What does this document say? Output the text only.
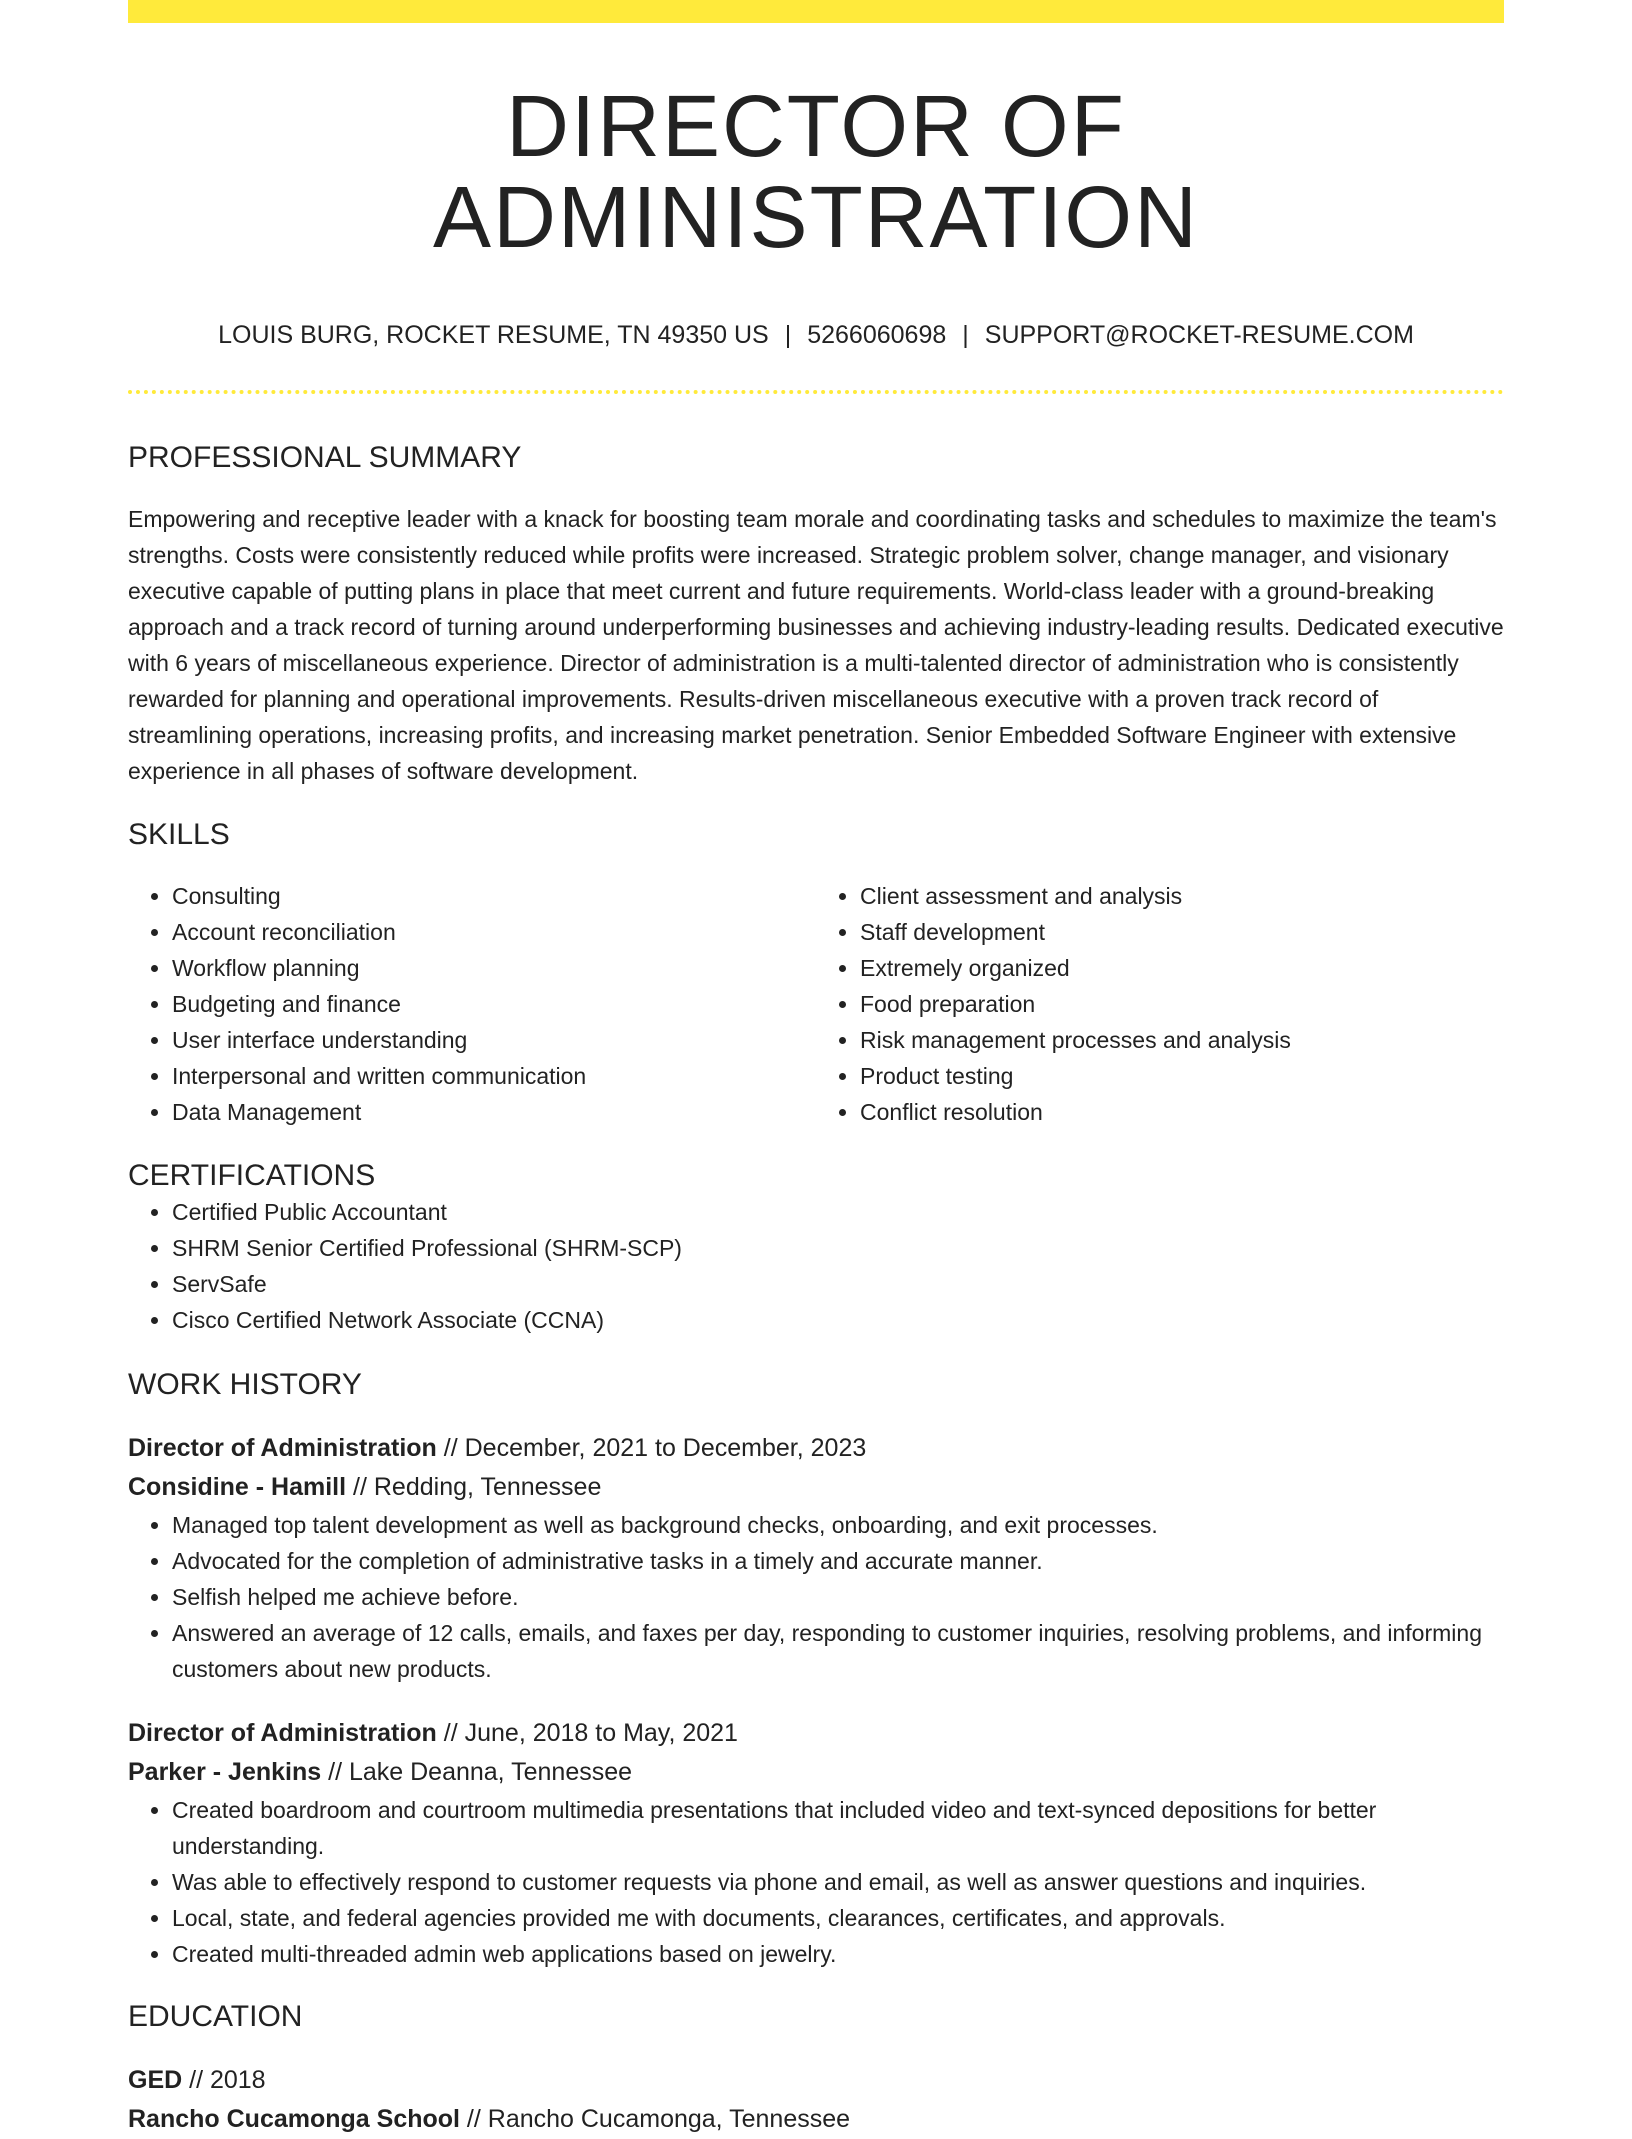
DIRECTOR OF ADMINISTRATION
LOUIS BURG, ROCKET RESUME, TN 49350 US | 5266060698 | SUPPORT@ROCKET-RESUME.COM
PROFESSIONAL SUMMARY

Empowering and receptive leader with a knack for boosting team morale and coordinating tasks and schedules to maximize the team's strengths. Costs were consistently reduced while profits were increased. Strategic problem solver, change manager, and visionary executive capable of putting plans in place that meet current and future requirements. World-class leader with a ground-breaking approach and a track record of turning around underperforming businesses and achieving industry-leading results. Dedicated executive with 6 years of miscellaneous experience. Director of administration is a multi-talented director of administration who is consistently rewarded for planning and operational improvements. Results-driven miscellaneous executive with a proven track record of streamlining operations, increasing profits, and increasing market penetration. Senior Embedded Software Engineer with extensive experience in all phases of software development.

SKILLS
• Consulting
• Account reconciliation
• Workflow planning
• Budgeting and finance
• User interface understanding
• Interpersonal and written communication
• Data Management
• Client assessment and analysis
• Staff development
• Extremely organized
• Food preparation
• Risk management processes and analysis
• Product testing
• Conflict resolution
CERTIFICATIONS
• Certified Public Accountant
• SHRM Senior Certified Professional (SHRM-SCP)
• ServSafe
• Cisco Certified Network Associate (CCNA)
WORK HISTORY
Director of Administration // December, 2021 to December, 2023
Considine - Hamill // Redding, Tennessee
• Managed top talent development as well as background checks, onboarding, and exit processes.
• Advocated for the completion of administrative tasks in a timely and accurate manner.
• Selfish helped me achieve before.
• Answered an average of 12 calls, emails, and faxes per day, responding to customer inquiries, resolving problems, and informing customers about new products.
Director of Administration // June, 2018 to May, 2021
Parker - Jenkins // Lake Deanna, Tennessee
• Created boardroom and courtroom multimedia presentations that included video and text-synced depositions for better understanding.
• Was able to effectively respond to customer requests via phone and email, as well as answer questions and inquiries.
• Local, state, and federal agencies provided me with documents, clearances, certificates, and approvals.
• Created multi-threaded admin web applications based on jewelry.
EDUCATION
GED // 2018
Rancho Cucamonga School // Rancho Cucamonga, Tennessee
